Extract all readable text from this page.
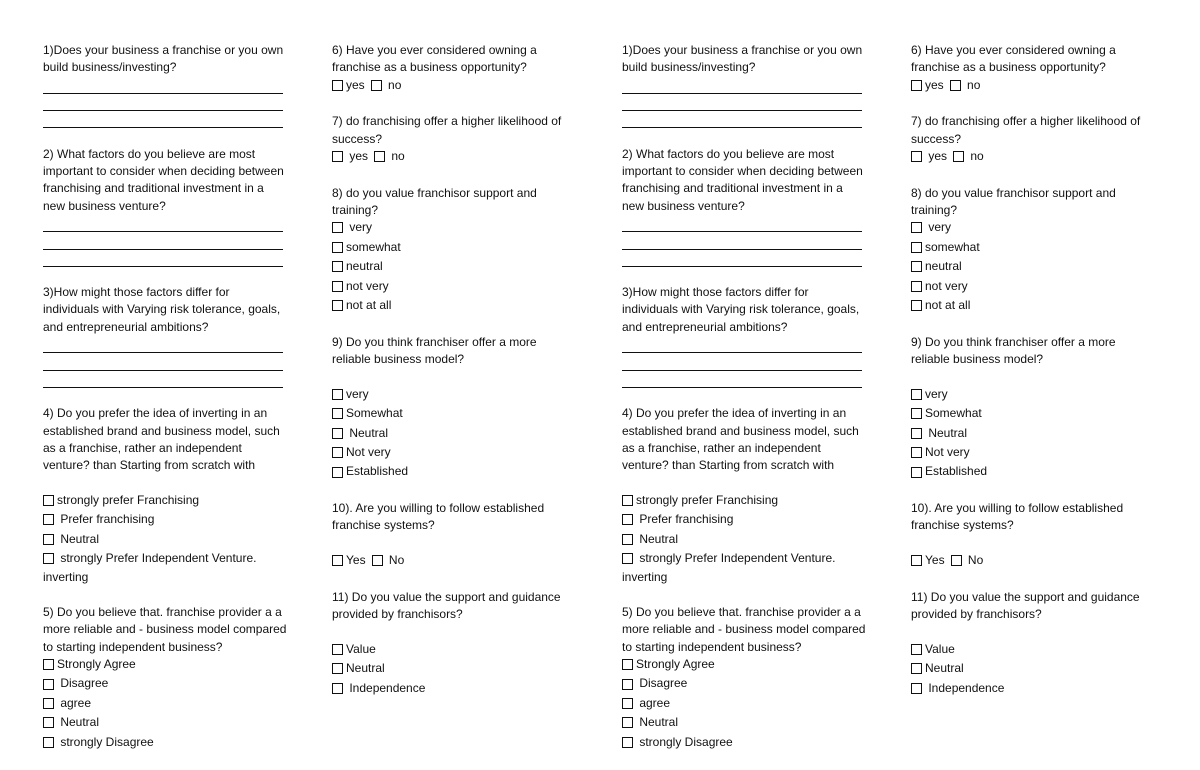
1)Does your business a franchise or you own
build business/investing?

2) What factors do you believe are most
important to consider when deciding between
franchising and traditional investment in a
new business venture?

3)How might those factors differ for
individuals with Varying risk tolerance, goals,
and entrepreneurial ambitions?

4) Do you prefer the idea of inverting in an
established brand and business model, such
as a franchise, rather an independent
venture? than Starting from scratch with

strongly prefer Franchising
Prefer franchising
Neutral
strongly Prefer Independent Venture.
inverting

5) Do you believe that. franchise provider a a
more reliable and - business model compared
to starting independent business?

Strongly Agree
Disagree
agree
Neutral
strongly Disagree

6) Have you ever considered owning a
franchise as a business opportunity?

yes no

7) do franchising offer a higher likelihood of
success?

yes no

8) do you value franchisor support and
training?

very
somewhat
neutral
not very
not at all

9) Do you think franchiser offer a more
reliable business model?

very
Somewhat
Neutral
Not very
Established

10). Are you willing to follow established
franchise systems?

Yes No

11) Do you value the support and guidance
provided by franchisors?

Value
Neutral
Independence

1)Does your business a franchise or you own
build business/investing?

2) What factors do you believe are most
important to consider when deciding between
franchising and traditional investment in a
new business venture?

3)How might those factors differ for
individuals with Varying risk tolerance, goals,
and entrepreneurial ambitions?

4) Do you prefer the idea of inverting in an
established brand and business model, such
as a franchise, rather an independent
venture? than Starting from scratch with

strongly prefer Franchising
Prefer franchising
Neutral
strongly Prefer Independent Venture.
inverting

5) Do you believe that. franchise provider a a
more reliable and - business model compared
to starting independent business?

Strongly Agree
Disagree
agree
Neutral
strongly Disagree

6) Have you ever considered owning a
franchise as a business opportunity?

yes no

7) do franchising offer a higher likelihood of
success?

yes no

8) do you value franchisor support and
training?

very
somewhat
neutral
not very
not at all

9) Do you think franchiser offer a more
reliable business model?

very
Somewhat
Neutral
Not very
Established

10). Are you willing to follow established
franchise systems?

Yes No

11) Do you value the support and guidance
provided by franchisors?

Value
Neutral
Independence
